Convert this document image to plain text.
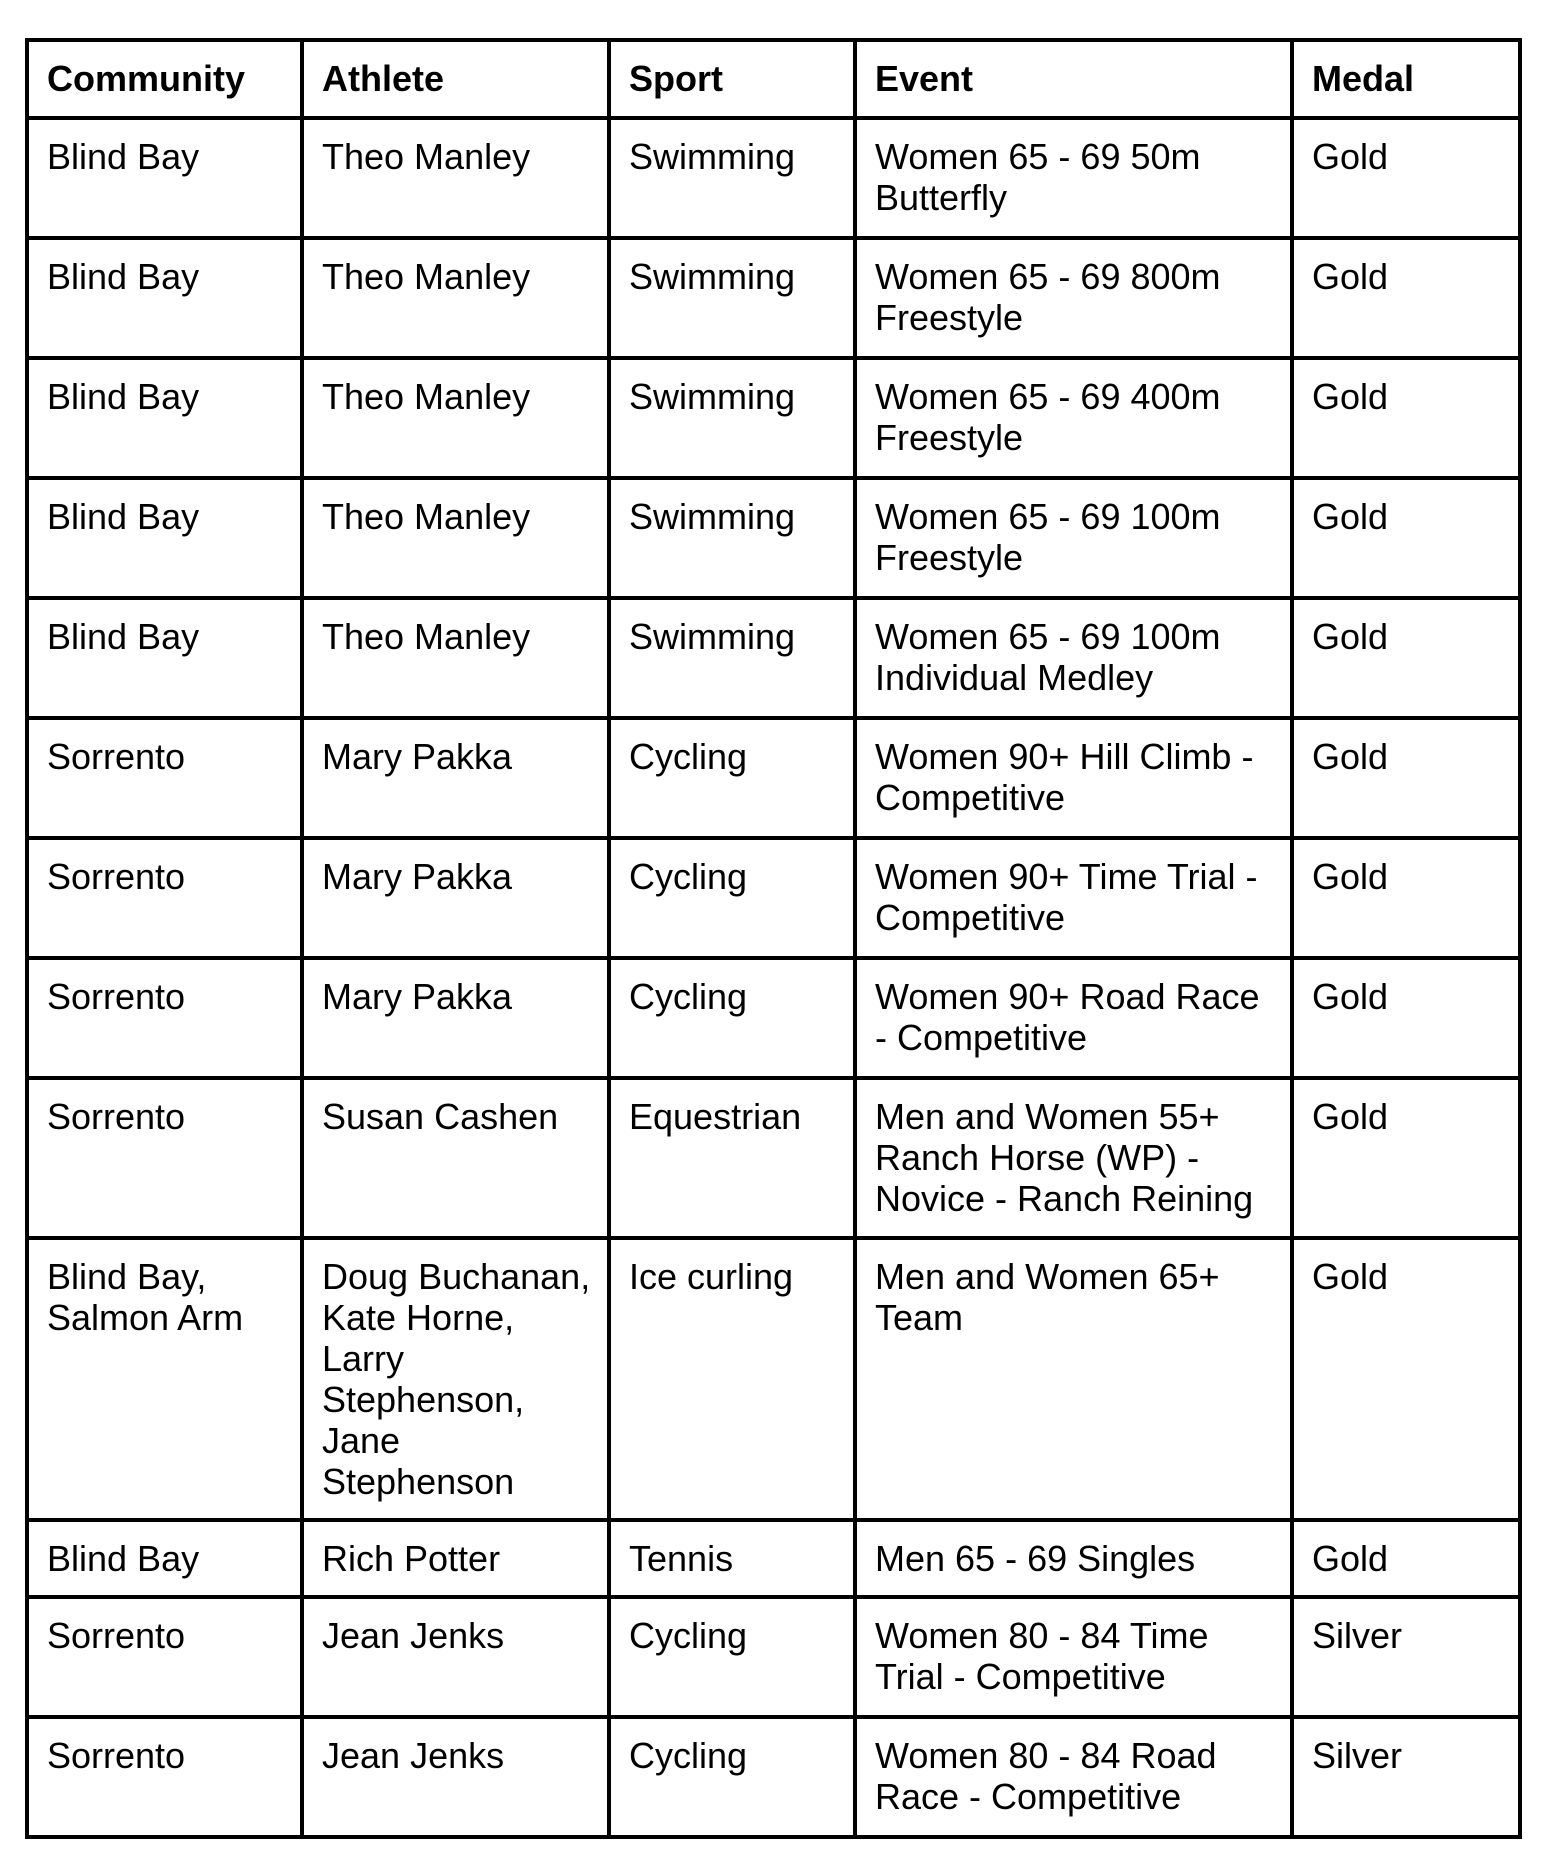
Community	Athlete	Sport	Event	Medal
Blind Bay	Theo Manley	Swimming	Women 65 - 69 50m Butterfly	Gold
Blind Bay	Theo Manley	Swimming	Women 65 - 69 800m Freestyle	Gold
Blind Bay	Theo Manley	Swimming	Women 65 - 69 400m Freestyle	Gold
Blind Bay	Theo Manley	Swimming	Women 65 - 69 100m Freestyle	Gold
Blind Bay	Theo Manley	Swimming	Women 65 - 69 100m Individual Medley	Gold
Sorrento	Mary Pakka	Cycling	Women 90+ Hill Climb - Competitive	Gold
Sorrento	Mary Pakka	Cycling	Women 90+ Time Trial - Competitive	Gold
Sorrento	Mary Pakka	Cycling	Women 90+ Road Race - Competitive	Gold
Sorrento	Susan Cashen	Equestrian	Men and Women 55+ Ranch Horse (WP) - Novice - Ranch Reining	Gold
Blind Bay, Salmon Arm	Doug Buchanan, Kate Horne, Larry Stephenson, Jane Stephenson	Ice curling	Men and Women 65+ Team	Gold
Blind Bay	Rich Potter	Tennis	Men 65 - 69 Singles	Gold
Sorrento	Jean Jenks	Cycling	Women 80 - 84 Time Trial - Competitive	Silver
Sorrento	Jean Jenks	Cycling	Women 80 - 84 Road Race - Competitive	Silver
